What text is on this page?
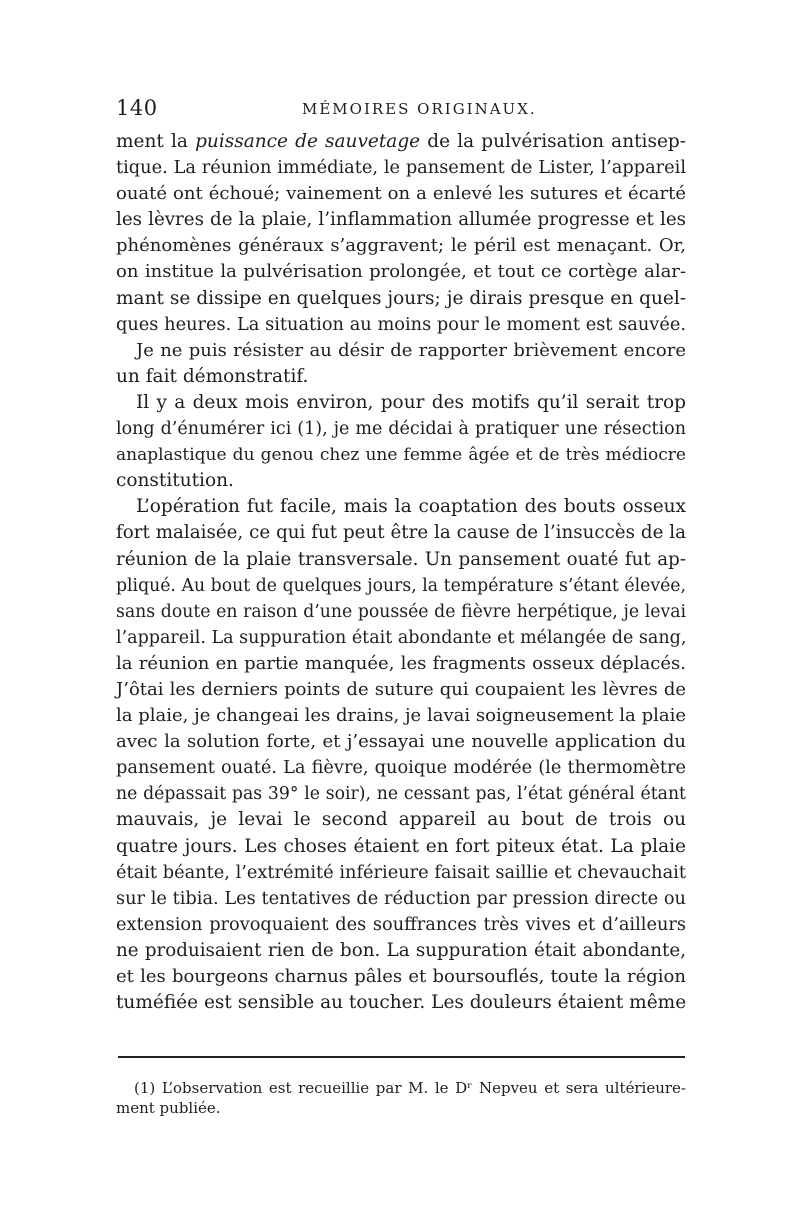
140	MÉMOIRES ORIGINAUX.
ment la puissance de sauvetage de la pulvérisation antisep-
tique. La réunion immédiate, le pansement de Lister, l’appareil
ouaté ont échoué; vainement on a enlevé les sutures et écarté
les lèvres de la plaie, l’inflammation allumée progresse et les
phénomènes généraux s’aggravent; le péril est menaçant. Or,
on institue la pulvérisation prolongée, et tout ce cortège alar-
mant se dissipe en quelques jours; je dirais presque en quel-
ques heures. La situation au moins pour le moment est sauvée.
Je ne puis résister au désir de rapporter brièvement encore
un fait démonstratif.
Il y a deux mois environ, pour des motifs qu’il serait trop
long d’énumérer ici (1), je me décidai à pratiquer une résection
anaplastique du genou chez une femme âgée et de très médiocre
constitution.
L’opération fut facile, mais la coaptation des bouts osseux
fort malaisée, ce qui fut peut être la cause de l’insuccès de la
réunion de la plaie transversale. Un pansement ouaté fut ap-
pliqué. Au bout de quelques jours, la température s’étant élevée,
sans doute en raison d’une poussée de fièvre herpétique, je levai
l’appareil. La suppuration était abondante et mélangée de sang,
la réunion en partie manquée, les fragments osseux déplacés.
J’ôtai les derniers points de suture qui coupaient les lèvres de
la plaie, je changeai les drains, je lavai soigneusement la plaie
avec la solution forte, et j’essayai une nouvelle application du
pansement ouaté. La fièvre, quoique modérée (le thermomètre
ne dépassait pas 39° le soir), ne cessant pas, l’état général étant
mauvais, je levai le second appareil au bout de trois ou
quatre jours. Les choses étaient en fort piteux état. La plaie
était béante, l’extrémité inférieure faisait saillie et chevauchait
sur le tibia. Les tentatives de réduction par pression directe ou
extension provoquaient des souffrances très vives et d’ailleurs
ne produisaient rien de bon. La suppuration était abondante,
et les bourgeons charnus pâles et boursouflés, toute la région
tuméfiée est sensible au toucher. Les douleurs étaient même
(1) L’observation est recueillie par M. le Dʳ Nepveu et sera ultérieure-
ment publiée.
